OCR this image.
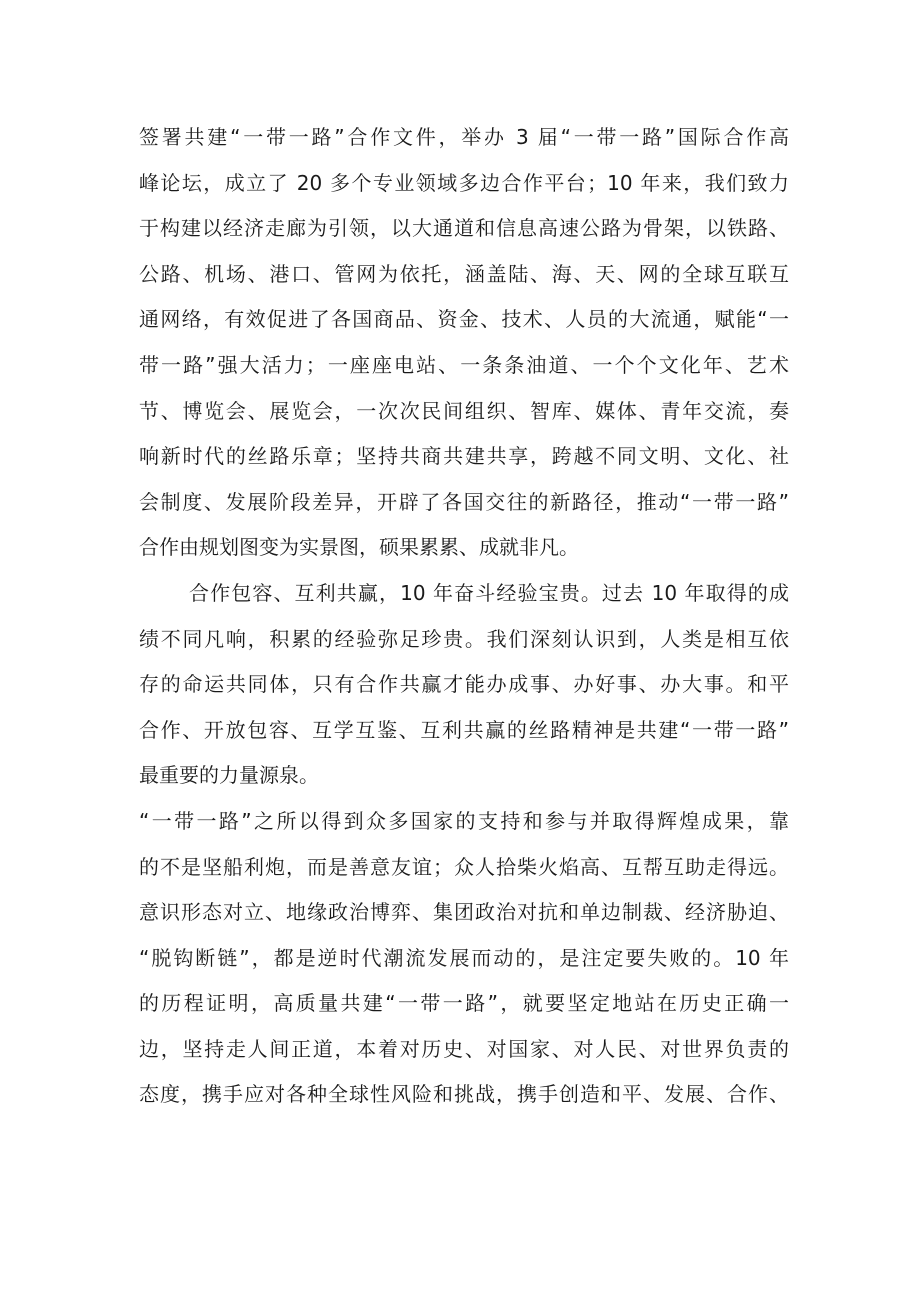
签署共建“一带一路”合作文件，举办 3 届“一带一路”国际合作高
峰论坛，成立了 20 多个专业领域多边合作平台；10 年来，我们致力
于构建以经济走廊为引领，以大通道和信息高速公路为骨架，以铁路、
公路、机场、港口、管网为依托，涵盖陆、海、天、网的全球互联互
通网络，有效促进了各国商品、资金、技术、人员的大流通，赋能“一
带一路”强大活力；一座座电站、一条条油道、一个个文化年、艺术
节、博览会、展览会，一次次民间组织、智库、媒体、青年交流，奏
响新时代的丝路乐章；坚持共商共建共享，跨越不同文明、文化、社
会制度、发展阶段差异，开辟了各国交往的新路径，推动“一带一路”
合作由规划图变为实景图，硕果累累、成就非凡。
合作包容、互利共赢，10 年奋斗经验宝贵。过去 10 年取得的成
绩不同凡响，积累的经验弥足珍贵。我们深刻认识到，人类是相互依
存的命运共同体，只有合作共赢才能办成事、办好事、办大事。和平
合作、开放包容、互学互鉴、互利共赢的丝路精神是共建“一带一路”
最重要的力量源泉。
“一带一路”之所以得到众多国家的支持和参与并取得辉煌成果，靠
的不是坚船利炮，而是善意友谊；众人拾柴火焰高、互帮互助走得远。
意识形态对立、地缘政治博弈、集团政治对抗和单边制裁、经济胁迫、
“脱钩断链”，都是逆时代潮流发展而动的，是注定要失败的。10 年
的历程证明，高质量共建“一带一路”，就要坚定地站在历史正确一
边，坚持走人间正道，本着对历史、对国家、对人民、对世界负责的
态度，携手应对各种全球性风险和挑战，携手创造和平、发展、合作、
